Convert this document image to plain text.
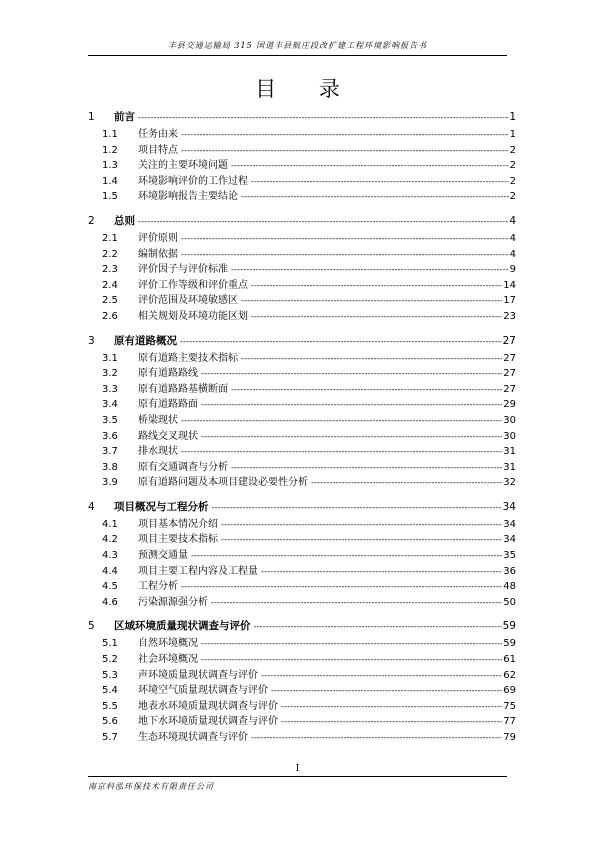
丰县交通运输局 315 国道丰县航庄段改扩建工程环境影响报告书
目 录
1	前言 -----	1
1.1	任务由来 -----	1
1.2	项目特点 -----	2
1.3	关注的主要环境问题 -----	2
1.4	环境影响评价的工作过程 -----	2
1.5	环境影响报告主要结论 -----	2
2	总则 -----	4
2.1	评价原则 -----	4
2.2	编制依据 -----	4
2.3	评价因子与评价标准 -----	9
2.4	评价工作等级和评价重点 -----	14
2.5	评价范围及环境敏感区 -----	17
2.6	相关规划及环境功能区划 -----	23
3	原有道路概况 -----	27
3.1	原有道路主要技术指标 -----	27
3.2	原有道路路线 -----	27
3.3	原有道路路基横断面 -----	27
3.4	原有道路路面 -----	29
3.5	桥梁现状 -----	30
3.6	路线交叉现状 -----	30
3.7	排水现状 -----	31
3.8	原有交通调查与分析 -----	31
3.9	原有道路问题及本项目建设必要性分析 -----	32
4	项目概况与工程分析 -----	34
4.1	项目基本情况介绍 -----	34
4.2	项目主要技术指标 -----	34
4.3	预测交通量 -----	35
4.4	项目主要工程内容及工程量 -----	36
4.5	工程分析 -----	48
4.6	污染源源强分析 -----	50
5	区域环境质量现状调查与评价 -----	59
5.1	自然环境概况 -----	59
5.2	社会环境概况 -----	61
5.3	声环境质量现状调查与评价 -----	62
5.4	环境空气质量现状调查与评价 -----	69
5.5	地表水环境质量现状调查与评价 -----	75
5.6	地下水环境质量现状调查与评价 -----	77
5.7	生态环境现状调查与评价 -----	79
I
南京科泓环保技术有限责任公司
